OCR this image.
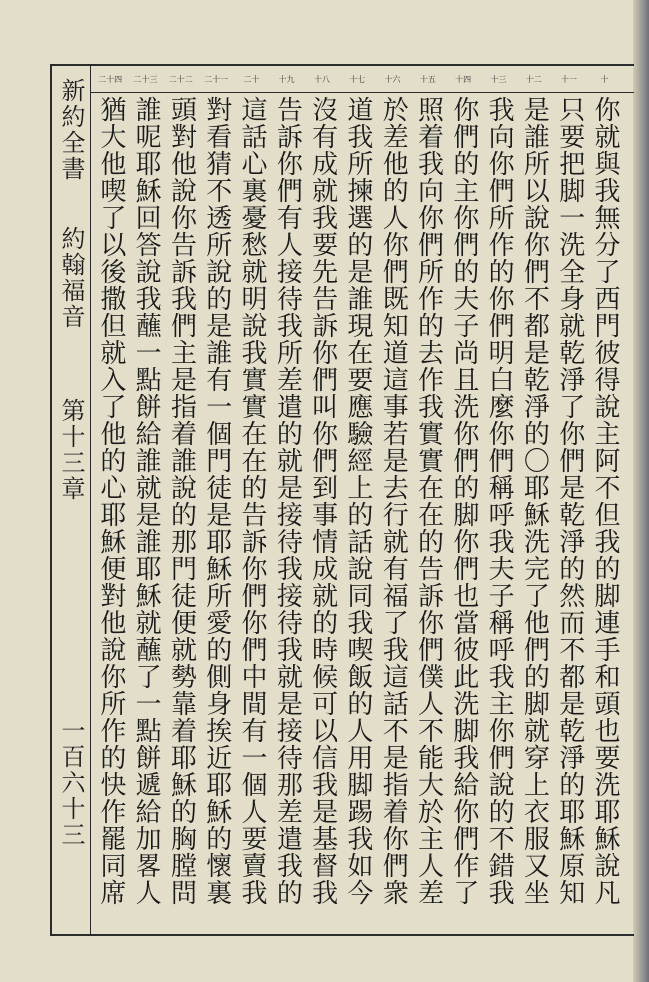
新約全書
約翰福音
第十三章
一百六十三
十
十一
十二
十三
十四
十五
十六
十七
十八
十九
二十
二十一
二十二
二十三
二十四
你就與我無分了西門彼得說主阿不但我的脚連手和頭也要洗耶穌說凡
只要把脚一洗全身就乾淨了你們是乾淨的然而不都是乾淨的耶穌原知
是誰所以說你們不都是乾淨的〇耶穌洗完了他們的脚就穿上衣服又坐
我向你們所作的你們明白麼你們稱呼我夫子稱呼我主你們說的不錯我
你們的主你們的夫子尚且洗你們的脚你們也當彼此洗脚我給你們作了
照着我向你們所作的去作我實實在在的告訴你們僕人不能大於主人差
於差他的人你們既知道這事若是去行就有福了我這話不是指着你們衆
道我所揀選的是誰現在要應驗經上的話說同我喫飯的人用脚踢我如今
沒有成就我要先告訴你們叫你們到事情成就的時候可以信我是基督我
告訴你們有人接待我所差遣的就是接待我接待我就是接待那差遣我的
這話心裏憂愁就明說我實實在在的告訴你們你們中間有一個人要賣我
對看猜不透所說的是誰有一個門徒是耶穌所愛的側身挨近耶穌的懷裏
頭對他說你告訴我們主是指着誰說的那門徒便就勢靠着耶穌的胸膛問
誰呢耶穌回答說我蘸一點餅給誰就是誰耶穌就蘸了一點餅遞給加畧人
猶大他喫了以後撒但就入了他的心耶穌便對他說你所作的快作罷同席
